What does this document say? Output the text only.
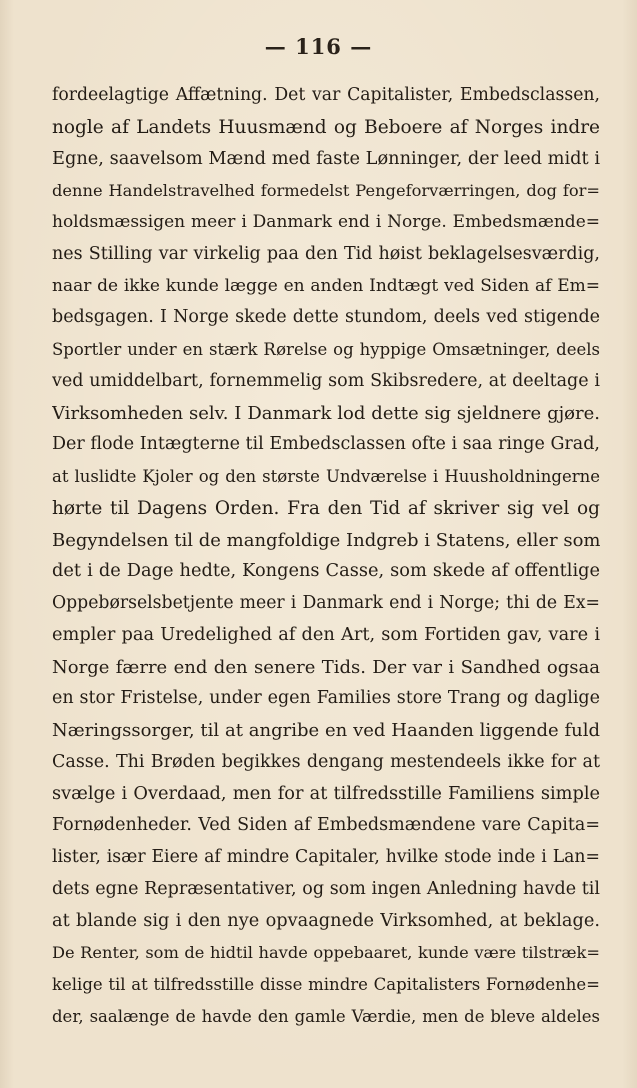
— 116 —
fordeelagtige Affætning. Det var Capitalister, Embedsclassen,
nogle af Landets Huusmænd og Beboere af Norges indre
Egne, saavelsom Mænd med faste Lønninger, der leed midt i
denne Handelstravelhed formedelst Pengeforværringen, dog for=
holdsmæssigen meer i Danmark end i Norge. Embedsmænde=
nes Stilling var virkelig paa den Tid høist beklagelsesværdig,
naar de ikke kunde lægge en anden Indtægt ved Siden af Em=
bedsgagen. I Norge skede dette stundom, deels ved stigende
Sportler under en stærk Rørelse og hyppige Omsætninger, deels
ved umiddelbart, fornemmelig som Skibsredere, at deeltage i
Virksomheden selv. I Danmark lod dette sig sjeldnere gjøre.
Der flode Intægterne til Embedsclassen ofte i saa ringe Grad,
at luslidte Kjoler og den største Undværelse i Huusholdningerne
hørte til Dagens Orden. Fra den Tid af skriver sig vel og
Begyndelsen til de mangfoldige Indgreb i Statens, eller som
det i de Dage hedte, Kongens Casse, som skede af offentlige
Oppebørselsbetjente meer i Danmark end i Norge; thi de Ex=
empler paa Uredelighed af den Art, som Fortiden gav, vare i
Norge færre end den senere Tids. Der var i Sandhed ogsaa
en stor Fristelse, under egen Families store Trang og daglige
Næringssorger, til at angribe en ved Haanden liggende fuld
Casse. Thi Brøden begikkes dengang mestendeels ikke for at
svælge i Overdaad, men for at tilfredsstille Familiens simple
Fornødenheder. Ved Siden af Embedsmændene vare Capita=
lister, især Eiere af mindre Capitaler, hvilke stode inde i Lan=
dets egne Repræsentativer, og som ingen Anledning havde til
at blande sig i den nye opvaagnede Virksomhed, at beklage.
De Renter, som de hidtil havde oppebaaret, kunde være tilstræk=
kelige til at tilfredsstille disse mindre Capitalisters Fornødenhe=
der, saalænge de havde den gamle Værdie, men de bleve aldeles
